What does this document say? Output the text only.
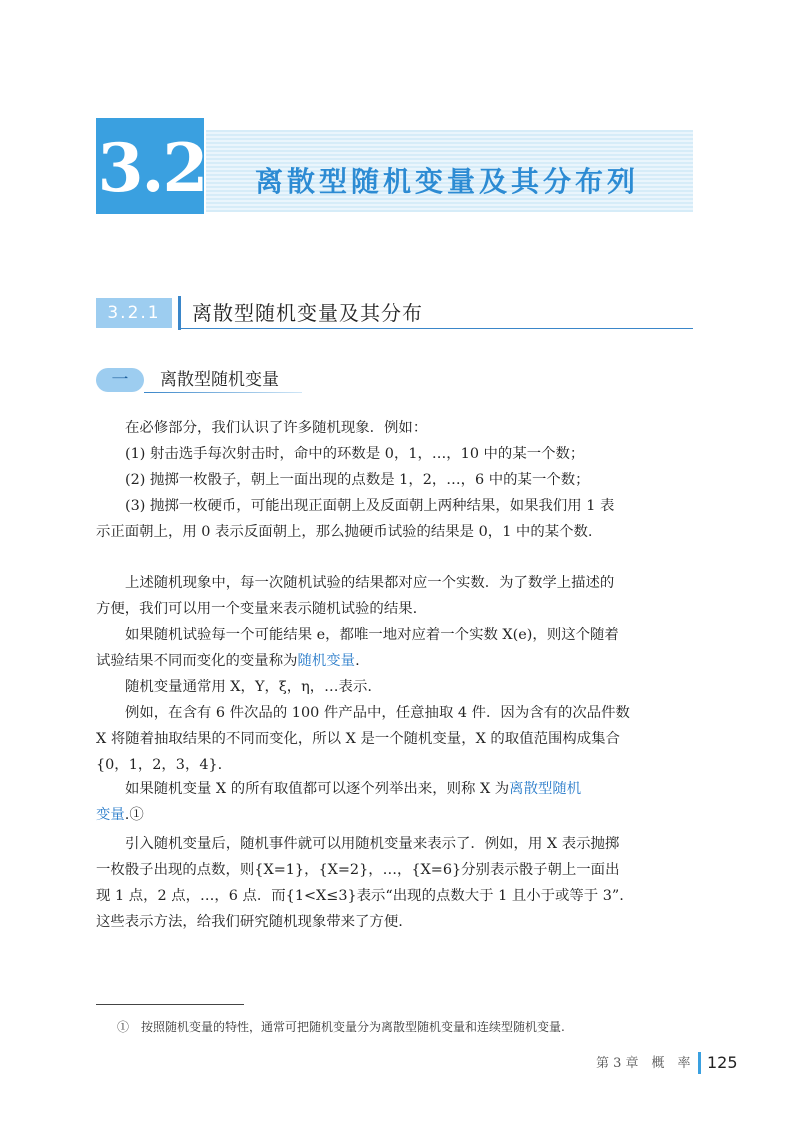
3.2 离散型随机变量及其分布列
3.2.1	离散型随机变量及其分布
一	离散型随机变量
在必修部分，我们认识了许多随机现象．例如：
(1) 射击选手每次射击时，命中的环数是 0，1，…，10 中的某一个数；
(2) 抛掷一枚骰子，朝上一面出现的点数是 1，2，…，6 中的某一个数；
(3) 抛掷一枚硬币，可能出现正面朝上及反面朝上两种结果，如果我们用 1 表
示正面朝上，用 0 表示反面朝上，那么抛硬币试验的结果是 0，1 中的某个数.
上述随机现象中，每一次随机试验的结果都对应一个实数．为了数学上描述的
方便，我们可以用一个变量来表示随机试验的结果.
如果随机试验每一个可能结果 e，都唯一地对应着一个实数 X(e)，则这个随着
试验结果不同而变化的变量称为随机变量.
随机变量通常用 X，Y，ξ，η，…表示.
例如，在含有 6 件次品的 100 件产品中，任意抽取 4 件．因为含有的次品件数
X 将随着抽取结果的不同而变化，所以 X 是一个随机变量，X 的取值范围构成集合
{0，1，2，3，4}.
如果随机变量 X 的所有取值都可以逐个列举出来，则称 X 为离散型随机
变量.①
引入随机变量后，随机事件就可以用随机变量来表示了．例如，用 X 表示抛掷
一枚骰子出现的点数，则{X=1}，{X=2}，…，{X=6}分别表示骰子朝上一面出
现 1 点，2 点，…，6 点．而{1<X≤3}表示“出现的点数大于 1 且小于或等于 3”.
这些表示方法，给我们研究随机现象带来了方便.
①　按照随机变量的特性，通常可把随机变量分为离散型随机变量和连续型随机变量.
第 3 章　概　率 125
